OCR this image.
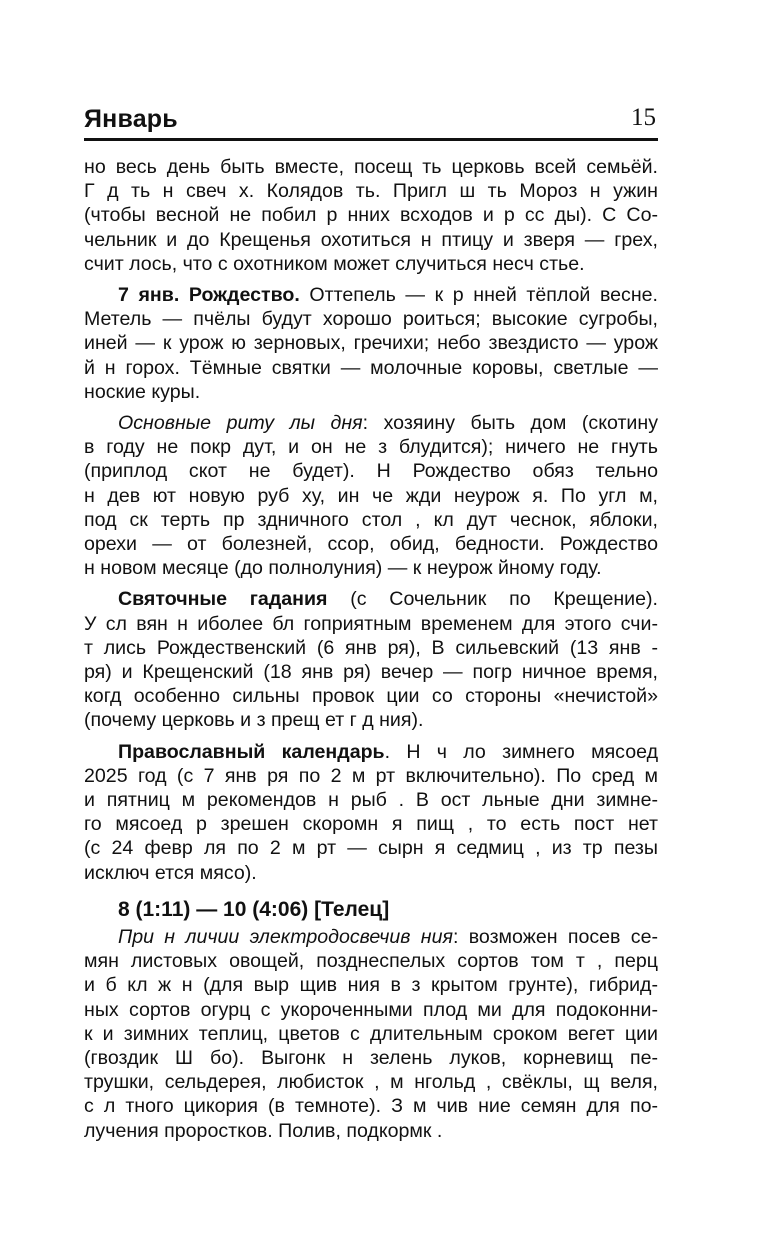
Январь	15
но весь день быть вместе, посещ ть церковь всей семьёй.
Г д ть н свеч х. Колядов ть. Пригл ш ть Мороз н ужин
(чтобы весной не побил р нних всходов и р сс ды). С Со-
чельник и до Крещенья охотиться н птицу и зверя — грех,
счит лось, что с охотником может случиться несч стье.
7 янв. Рождество. Оттепель — к р нней тёплой весне.
Метель — пчёлы будут хорошо роиться; высокие сугробы,
иней — к урож ю зерновых, гречихи; небо звездисто — урож
й н горох. Тёмные святки — молочные коровы, светлые —
ноские куры.
Основные риту лы дня: хозяину быть дом (скотину
в году не покр дут, и он не з блудится); ничего не гнуть
(приплод скот не будет). Н Рождество обяз тельно
н дев ют новую руб ху, ин че жди неурож я. По угл м,
под ск терть пр здничного стол , кл дут чеснок, яблоки,
орехи — от болезней, ссор, обид, бедности. Рождество
н новом месяце (до полнолуния) — к неурож йному году.
Святочные гадания (с Сочельник по Крещение).
У сл вян н иболее бл гоприятным временем для этого счи-
т лись Рождественский (6 янв ря), В сильевский (13 янв -
ря) и Крещенский (18 янв ря) вечер — погр ничное время,
когд особенно сильны провок ции со стороны «нечистой»
(почему церковь и з прещ ет г д ния).
Православный календарь. Н ч ло зимнего мясоед
2025 год (с 7 янв ря по 2 м рт включительно). По сред м
и пятниц м рекомендов н рыб . В ост льные дни зимне-
го мясоед р зрешен скоромн я пищ , то есть пост нет
(с 24 февр ля по 2 м рт — сырн я седмиц , из тр пезы
исключ ется мясо).
8 (1:11) — 10 (4:06) [Телец]
При н личии электродосвечив ния: возможен посев се-
мян листовых овощей, позднеспелых сортов том т , перц
и б кл ж н (для выр щив ния в з крытом грунте), гибрид-
ных сортов огурц с укороченными плод ми для подоконни-
к и зимних теплиц, цветов с длительным сроком вегет ции
(гвоздик Ш бо). Выгонк н зелень луков, корневищ пе-
трушки, сельдерея, любисток , м нгольд , свёклы, щ веля,
с л тного цикория (в темноте). З м чив ние семян для по-
лучения проростков. Полив, подкормк .
